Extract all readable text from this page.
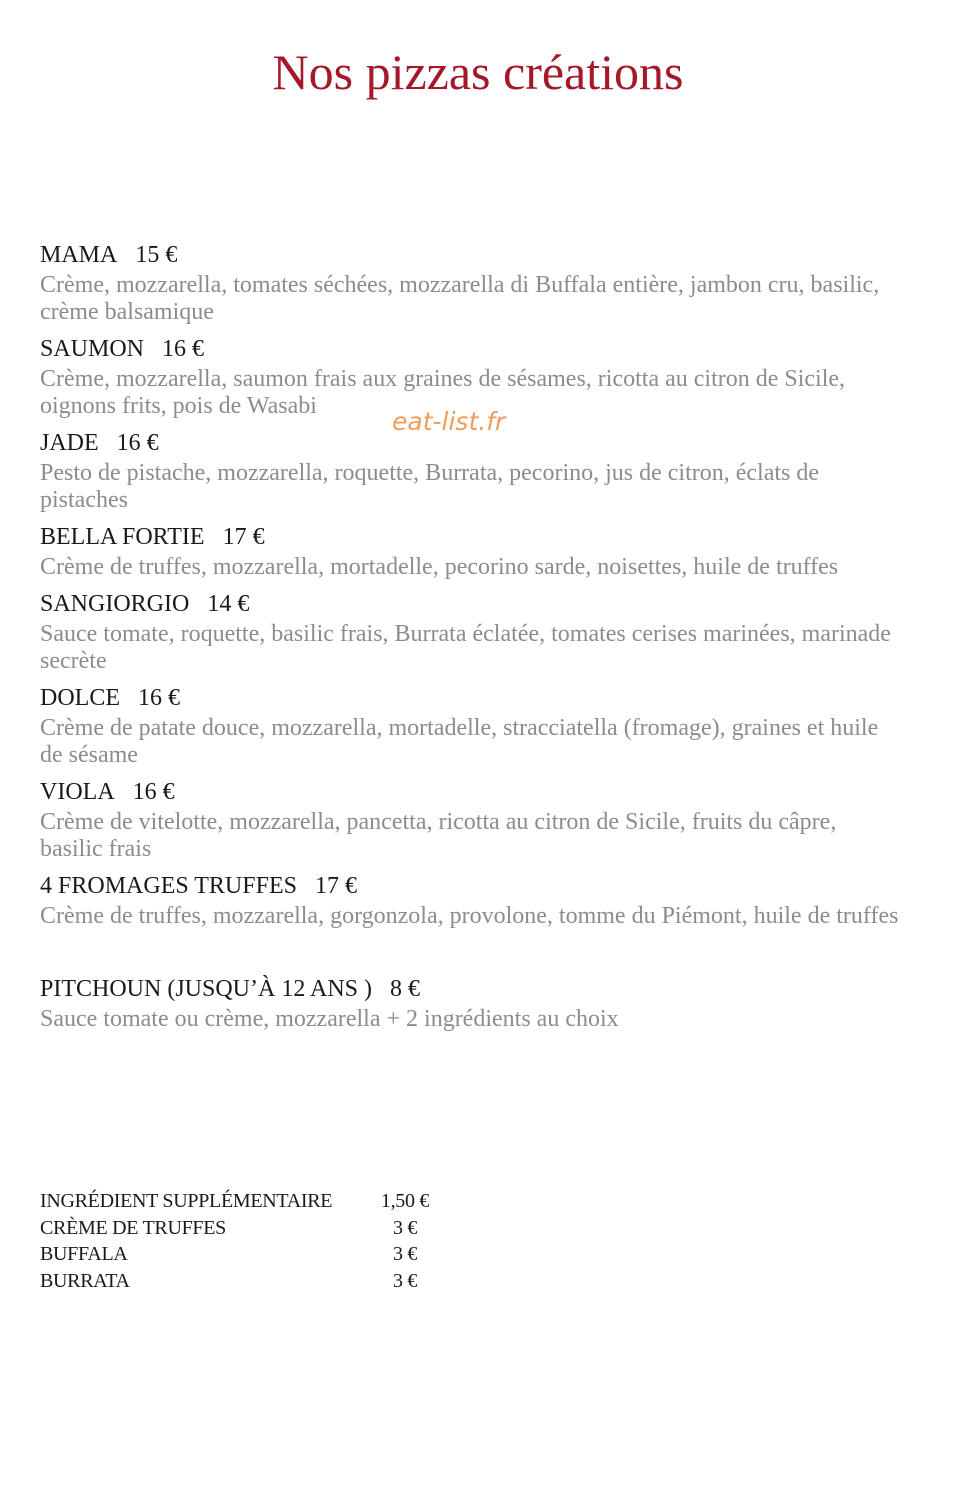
Nos pizzas créations
MAMA 15 €
Crème, mozzarella, tomates séchées, mozzarella di Buffala entière, jambon cru, basilic, crème balsamique
SAUMON 16 €
Crème, mozzarella, saumon frais aux graines de sésames, ricotta au citron de Sicile, oignons frits, pois de Wasabi
JADE 16 €
Pesto de pistache, mozzarella, roquette, Burrata, pecorino, jus de citron, éclats de pistaches
BELLA FORTIE 17 €
Crème de truffes, mozzarella, mortadelle, pecorino sarde, noisettes, huile de truffes
SANGIORGIO 14 €
Sauce tomate, roquette, basilic frais, Burrata éclatée, tomates cerises marinées, marinade secrète
DOLCE 16 €
Crème de patate douce, mozzarella, mortadelle, stracciatella (fromage), graines et huile de sésame
VIOLA 16 €
Crème de vitelotte, mozzarella, pancetta, ricotta au citron de Sicile, fruits du câpre, basilic frais
4 FROMAGES TRUFFES 17 €
Crème de truffes, mozzarella, gorgonzola, provolone, tomme du Piémont, huile de truffes
PITCHOUN (JUSQU’À 12 ANS ) 8 €
Sauce tomate ou crème, mozzarella + 2 ingrédients au choix
eat-list.fr
INGRÉDIENT SUPPLÉMENTAIRE	1,50 €
CRÈME DE TRUFFES	3 €
BUFFALA	3 €
BURRATA	3 €
